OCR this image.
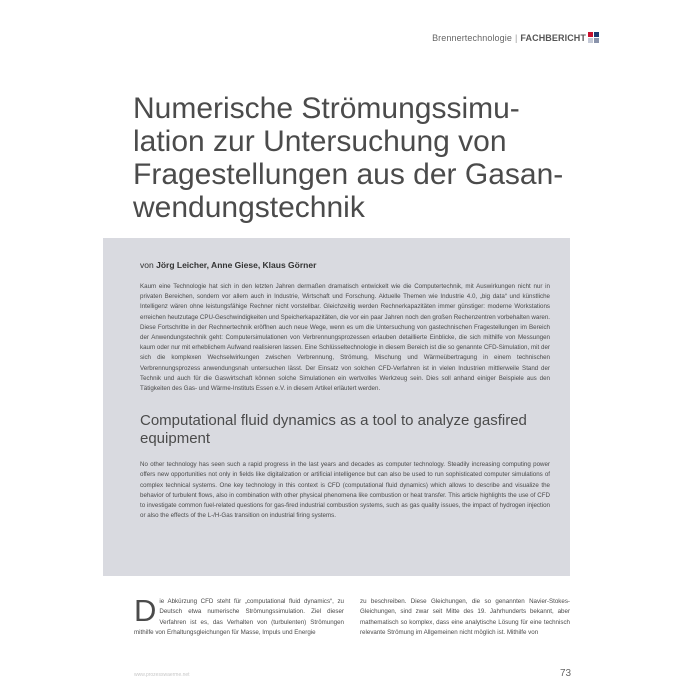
Brennertechnologie | FACHBERICHT
Numerische Strömungssimulation zur Untersuchung von Fragestellungen aus der Gasanwendungstechnik
von Jörg Leicher, Anne Giese, Klaus Görner

Kaum eine Technologie hat sich in den letzten Jahren dermaßen dramatisch entwickelt wie die Computertechnik, mit Auswirkungen nicht nur in privaten Bereichen, sondern vor allem auch in Industrie, Wirtschaft und Forschung. Aktuelle Themen wie Industrie 4.0, „big data“ und künstliche Intelligenz wären ohne leistungsfähige Rechner nicht vorstellbar. Gleichzeitig werden Rechnerkapazitäten immer günstiger: moderne Workstations erreichen heutzutage CPU-Geschwindigkeiten und Speicherkapazitäten, die vor ein paar Jahren noch den großen Rechenzentren vorbehalten waren. Diese Fortschritte in der Rechnertechnik eröffnen auch neue Wege, wenn es um die Untersuchung von gastechnischen Fragestellungen im Bereich der Anwendungstechnik geht: Computersimulationen von Verbrennungsprozessen erlauben detaillierte Einblicke, die sich mithilfe von Messungen kaum oder nur mit erheblichem Aufwand realisieren lassen. Eine Schlüsseltechnologie in diesem Bereich ist die so genannte CFD-Simulation, mit der sich die komplexen Wechselwirkungen zwischen Verbrennung, Strömung, Mischung und Wärmeübertragung in einem technischen Verbrennungsprozess anwendungsnah untersuchen lässt. Der Einsatz von solchen CFD-Verfahren ist in vielen Industrien mittlerweile Stand der Technik und auch für die Gaswirtschaft können solche Simulationen ein wertvolles Werkzeug sein. Dies soll anhand einiger Beispiele aus den Tätigkeiten des Gas- und Wärme-Instituts Essen e.V. in diesem Artikel erläutert werden.

Computational fluid dynamics as a tool to analyze gasfired equipment

No other technology has seen such a rapid progress in the last years and decades as computer technology. Steadily increasing computing power offers new opportunities not only in fields like digitalization or artificial intelligence but can also be used to run sophisticated computer simulations of complex technical systems. One key technology in this context is CFD (computational fluid dynamics) which allows to describe and visualize the behavior of turbulent flows, also in combination with other physical phenomena like combustion or heat transfer. This article highlights the use of CFD to investigate common fuel-related questions for gas-fired industrial combustion systems, such as gas quality issues, the impact of hydrogen injection or also the effects of the L-/H-Gas transition on industrial firing systems.

Die Abkürzung CFD steht für „computational fluid dynamics“, zu Deutsch etwa numerische Strömungssimulation. Ziel dieser Verfahren ist es, das Verhalten von (turbulenten) Strömungen mithilfe von Erhaltungsgleichungen für Masse, Impuls und Energie
zu beschreiben. Diese Gleichungen, die so genannten Navier-Stokes-Gleichungen, sind zwar seit Mitte des 19. Jahrhunderts bekannt, aber mathematisch so komplex, dass eine analytische Lösung für eine technisch relevante Strömung im Allgemeinen nicht möglich ist. Mithilfe von
www.prozesswaerme.net	73
